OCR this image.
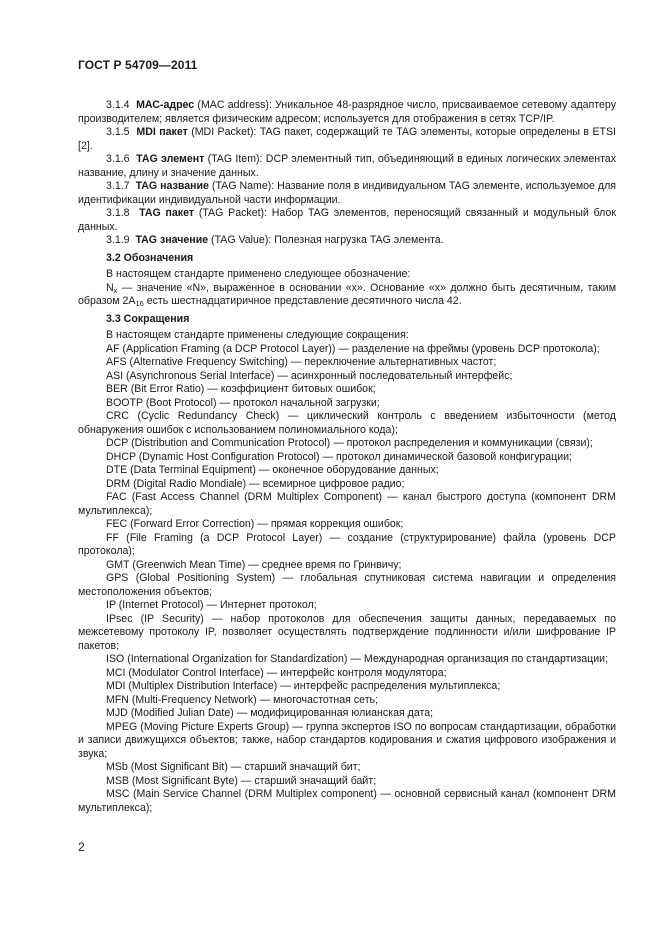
ГОСТ Р 54709—2011

3.1.4 МАС-адрес (MAC address): Уникальное 48-разрядное число, присваиваемое сетевому адаптеру производителем; является физическим адресом; используется для отображения в сетях TCP/IP.

3.1.5 MDI пакет (MDI Packet): TAG пакет, содержащий те TAG элементы, которые определены в ETSI [2].

3.1.6 TAG элемент (TAG Item): DCP элементный тип, объединяющий в единых логических элементах название, длину и значение данных.

3.1.7 TAG название (TAG Name): Название поля в индивидуальном TAG элементе, используемое для идентификации индивидуальной части информации.

3.1.8 TAG пакет (TAG Packet): Набор TAG элементов, переносящий связанный и модульный блок данных.

3.1.9 TAG значение (TAG Value): Полезная нагрузка TAG элемента.

3.2 Обозначения

В настоящем стандарте применено следующее обозначение:

$N_x$ — значение «N», выраженное в основании «x». Основание «x» должно быть десятичным, таким образом $2A_{16}$ есть шестнадцатиричное представление десятичного числа 42.

3.3 Сокращения

В настоящем стандарте применены следующие сокращения:

AF (Application Framing (a DCP Protocol Layer)) — разделение на фреймы (уровень DCP протокола);

AFS (Alternative Frequency Switching) — переключение альтернативных частот;

ASI (Asynchronous Serial Interface) — асинхронный последовательный интерфейс;

BER (Bit Error Ratio) — коэффициент битовых ошибок;

BOOTP (Boot Protocol) — протокол начальной загрузки;

CRC (Cyclic Redundancy Check) — циклический контроль с введением избыточности (метод обнаружения ошибок с использованием полиномиального кода);

DCP (Distribution and Communication Protocol) — протокол распределения и коммуникации (связи);

DHCP (Dynamic Host Configuration Protocol) — протокол динамической базовой конфигурации;

DTE (Data Terminal Equipment) — оконечное оборудование данных;

DRM (Digital Radio Mondiale) — всемирное цифровое радио;

FAC (Fast Access Channel (DRM Multiplex Component) — канал быстрого доступа (компонент DRM мультиплекса);

FEC (Forward Error Correction) — прямая коррекция ошибок;

FF (File Framing (a DCP Protocol Layer) — создание (структурирование) файла (уровень DCP протокола);

GMT (Greenwich Mean Time) — среднее время по Гринвичу;

GPS (Global Positioning System) — глобальная спутниковая система навигации и определения местоположения объектов;

IP (Internet Protocol) — Интернет протокол;

IPsec (IP Security) — набор протоколов для обеспечения защиты данных, передаваемых по межсетевому протоколу IP, позволяет осуществлять подтверждение подлинности и/или шифрование IP пакетов;

ISO (International Organization for Standardization) — Международная организация по стандартизации;

MCI (Modulator Control Interface) — интерфейс контроля модулятора;

MDI (Multiplex Distribution Interface) — интерфейс распределения мультиплекса;

MFN (Multi-Frequency Network) — многочастотная сеть;

MJD (Modified Julian Date) — модифицированная юлианская дата;

MPEG (Moving Picture Experts Group) — группа экспертов ISO по вопросам стандартизации, обработки и записи движущихся объектов; также, набор стандартов кодирования и сжатия цифрового изображения и звука;

MSb (Most Significant Bit) — старший значащий бит;

MSB (Most Significant Byte) — старший значащий байт;

MSC (Main Service Channel (DRM Multiplex component) — основной сервисный канал (компонент DRM мультиплекса);

2
